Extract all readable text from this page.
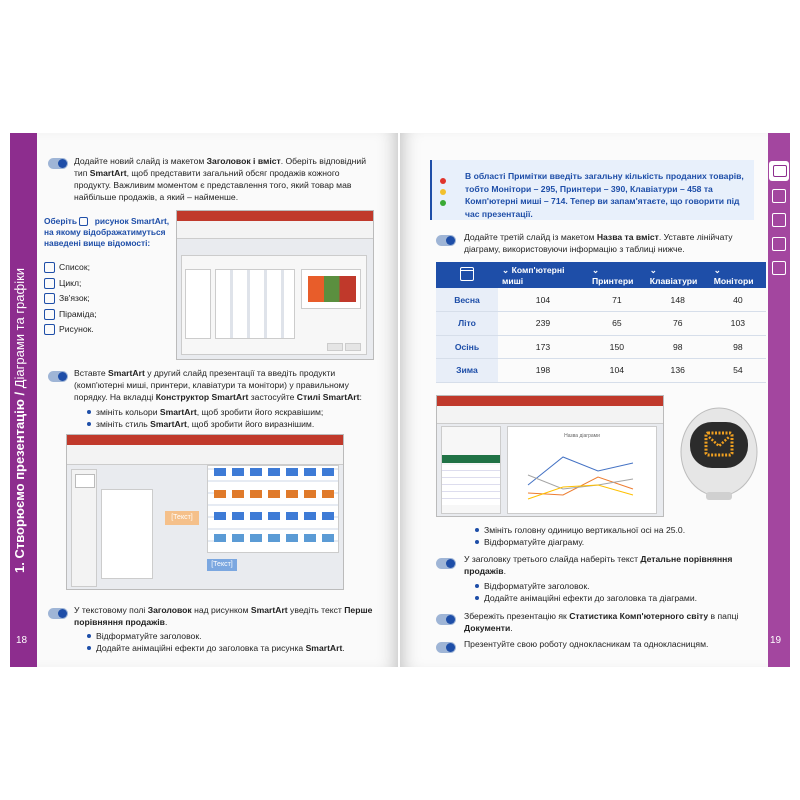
1. Створюємо презентацію / Діаграми та графіки
18
Додайте новий слайд із макетом Заголовок і вміст. Оберіть відповідний тип SmartArt, щоб представити загальний обсяг продажів кожного продукту. Важливим моментом є представлення того, який товар мав найбільше продажів, а який – найменше.
Оберіть  рисунок SmartArt, на якому відображатимуться наведені вище відомості:
Список;
Цикл;
Зв'язок;
Піраміда;
Рисунок.
Вставте SmartArt у другий слайд презентації та введіть продукти (комп'ютерні миші, принтери, клавіатури та монітори) у правильному порядку. На вкладці Конструктор SmartArt застосуйте Стилі SmartArt:
змініть кольори SmartArt, щоб зробити його яскравішим;
змініть стиль SmartArt, щоб зробити його виразнішим.
[Текст]
[Текст]
У текстовому полі Заголовок над рисунком SmartArt уведіть текст Перше порівняння продажів.
Відформатуйте заголовок.
Додайте анімаційні ефекти до заголовка та рисунка SmartArt.
19
В області Примітки введіть загальну кількість проданих товарів, тобто Монітори – 295, Принтери – 390, Клавіатури – 458 та Комп'ютерні миші – 714. Тепер ви запам'ятаєте, що говорити під час презентації.
Додайте третій слайд із макетом Назва та вміст. Уставте лінійчату діаграму, використовуючи інформацію з таблиці нижче.
	⌄ Комп'ютерні миші	⌄ Принтери	⌄ Клавіатури	⌄ Монітори
Весна	104	71	148	40
Літо	239	65	76	103
Осінь	173	150	98	98
Зима	198	104	136	54
Назва діаграми
Змініть головну одиницю вертикальної осі на 25.0.
Відформатуйте діаграму.
У заголовку третього слайда наберіть текст Детальне порівняння продажів.
Відформатуйте заголовок.
Додайте анімаційні ефекти до заголовка та діаграми.
Збережіть презентацію як Статистика Комп'ютерного світу в папці Документи.
Презентуйте свою роботу однокласникам та однокласницям.
